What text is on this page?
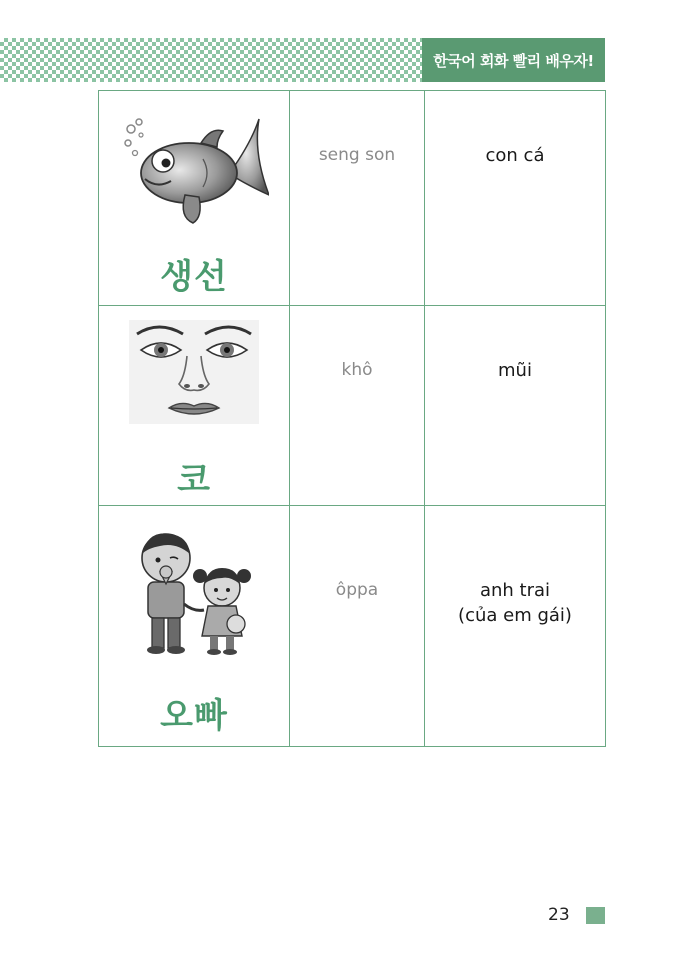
한국어 회화 빨리 배우자!
생선	seng son	con cá

코	khô	mũi

오빠	ôppa	anh trai
(của em gái)
23
